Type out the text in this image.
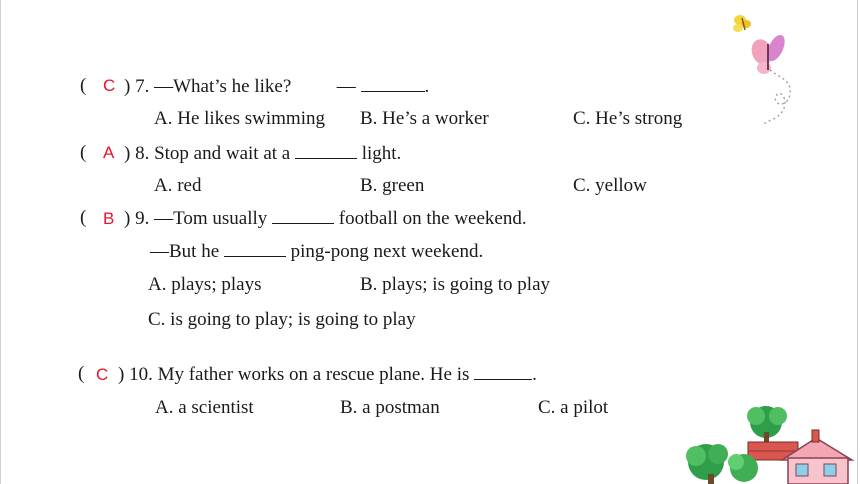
( C ) 7. —What’s he like? —	.
A. He likes swimming B. He’s a worker	C. He’s strong
( A ) 8. Stop and wait at a	light.
A. red	B. green	C. yellow
( B ) 9. —Tom usually	football on the weekend.
—But he	ping-pong next weekend.
A. plays; plays	B. plays; is going to play
C. is going to play; is going to play
( C ) 10. My father works on a rescue plane. He is	.
A. a scientist	B. a postman	C. a pilot
